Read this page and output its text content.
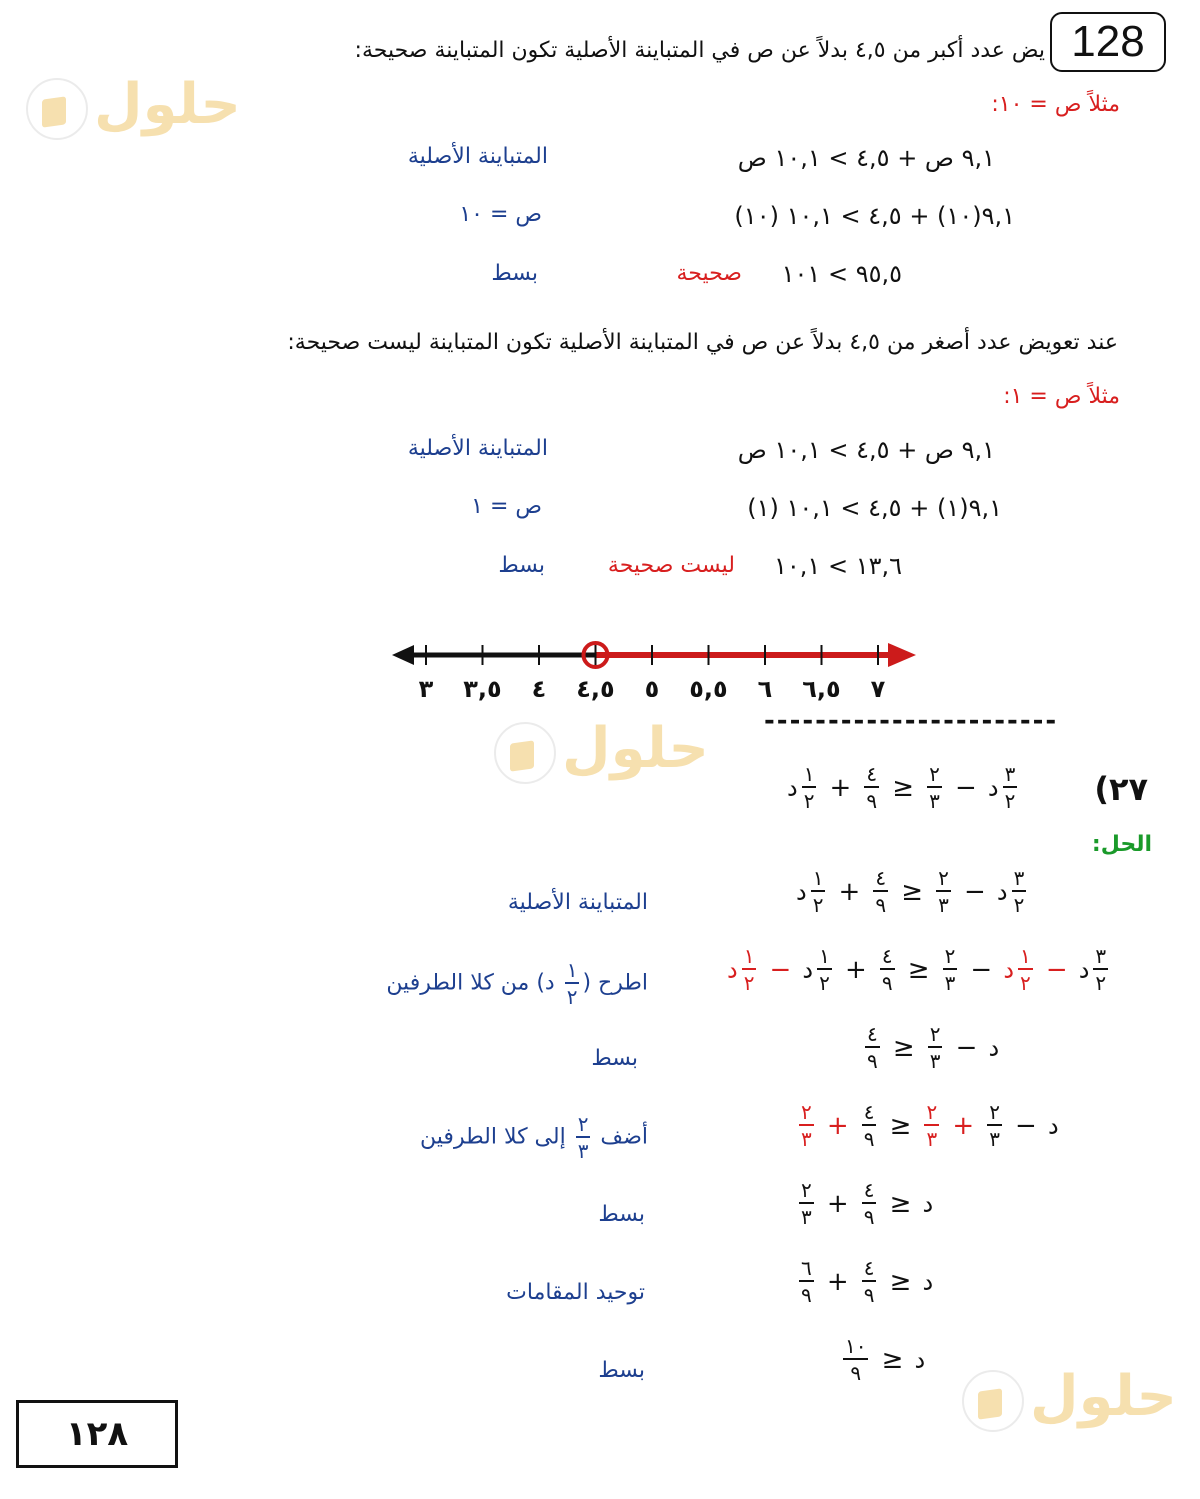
128
حلول
حلول
حلول
يض عدد أكبر من ٤,٥ بدلاً عن ص في المتباينة الأصلية تكون المتباينة صحيحة:
مثلاً ص = ١٠:
٩,١ ص + ٤,٥ > ١٠,١ ص
المتباينة الأصلية
٩,١(١٠) + ٤,٥ > ١٠,١ (١٠)
ص = ١٠
٩٥,٥ > ١٠١
صحيحة
بسط
عند تعويض عدد أصغر من ٤,٥ بدلاً عن ص في المتباينة الأصلية تكون المتباينة ليست صحيحة:
مثلاً ص = ١:
٩,١ ص + ٤,٥ > ١٠,١ ص
المتباينة الأصلية
٩,١(١) + ٤,٥ > ١٠,١ (١)
ص = ١
١٣,٦ > ١٠,١
ليست صحيحة
بسط
٣ ٣,٥ ٤ ٤,٥ ٥ ٥,٥ ٦ ٦,٥ ٧
-----------------------
٢٧)
د $\frac{١}{٢} + \frac{٤}{٩} \ge \frac{٢}{٣}$ − د $\frac{٣}{٢}$
الحل:
د $\frac{١}{٢} + \frac{٤}{٩} \ge \frac{٢}{٣}$ − د $\frac{٣}{٢}$
المتباينة الأصلية
د $\frac{١}{٢}$ − د $\frac{١}{٢} + \frac{٤}{٩} \ge \frac{٢}{٣}$ − د $\frac{١}{٢}$ − د $\frac{٣}{٢}$
اطرح (
$\frac{١}{٢}$
د) من كلا الطرفين
$\frac{٤}{٩} \ge \frac{٢}{٣}$ − د
بسط
$\frac{٢}{٣} + \frac{٤}{٩} \ge \frac{٢}{٣} + \frac{٢}{٣}$ − د
أضف
$\frac{٢}{٣}$
إلى كلا الطرفين
$\frac{٢}{٣} + \frac{٤}{٩}$ ≥ د
بسط
$\frac{٦}{٩} + \frac{٤}{٩}$ ≥ د
توحيد المقامات
$\frac{١٠}{٩}$ ≥ د
بسط
١٢٨
